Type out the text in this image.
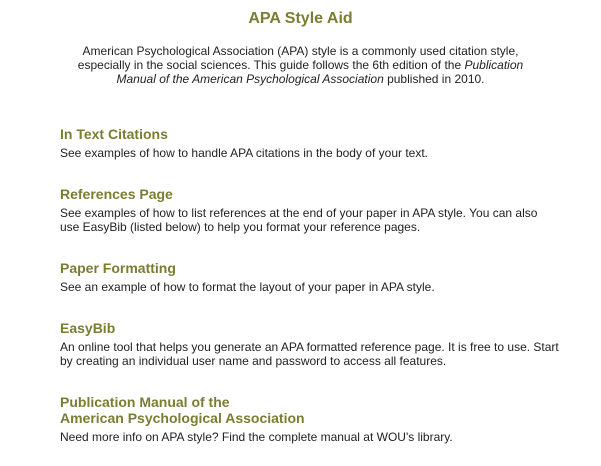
APA Style Aid
American Psychological Association (APA) style is a commonly used citation style, especially in the social sciences. This guide follows the 6th edition of the Publication Manual of the American Psychological Association published in 2010.
In Text Citations
See examples of how to handle APA citations in the body of your text.
References Page
See examples of how to list references at the end of your paper in APA style. You can also use EasyBib (listed below) to help you format your reference pages.
Paper Formatting
See an example of how to format the layout of your paper in APA style.
EasyBib
An online tool that helps you generate an APA formatted reference page. It is free to use. Start by creating an individual user name and password to access all features.
Publication Manual of the
American Psychological Association
Need more info on APA style? Find the complete manual at WOU's library.
